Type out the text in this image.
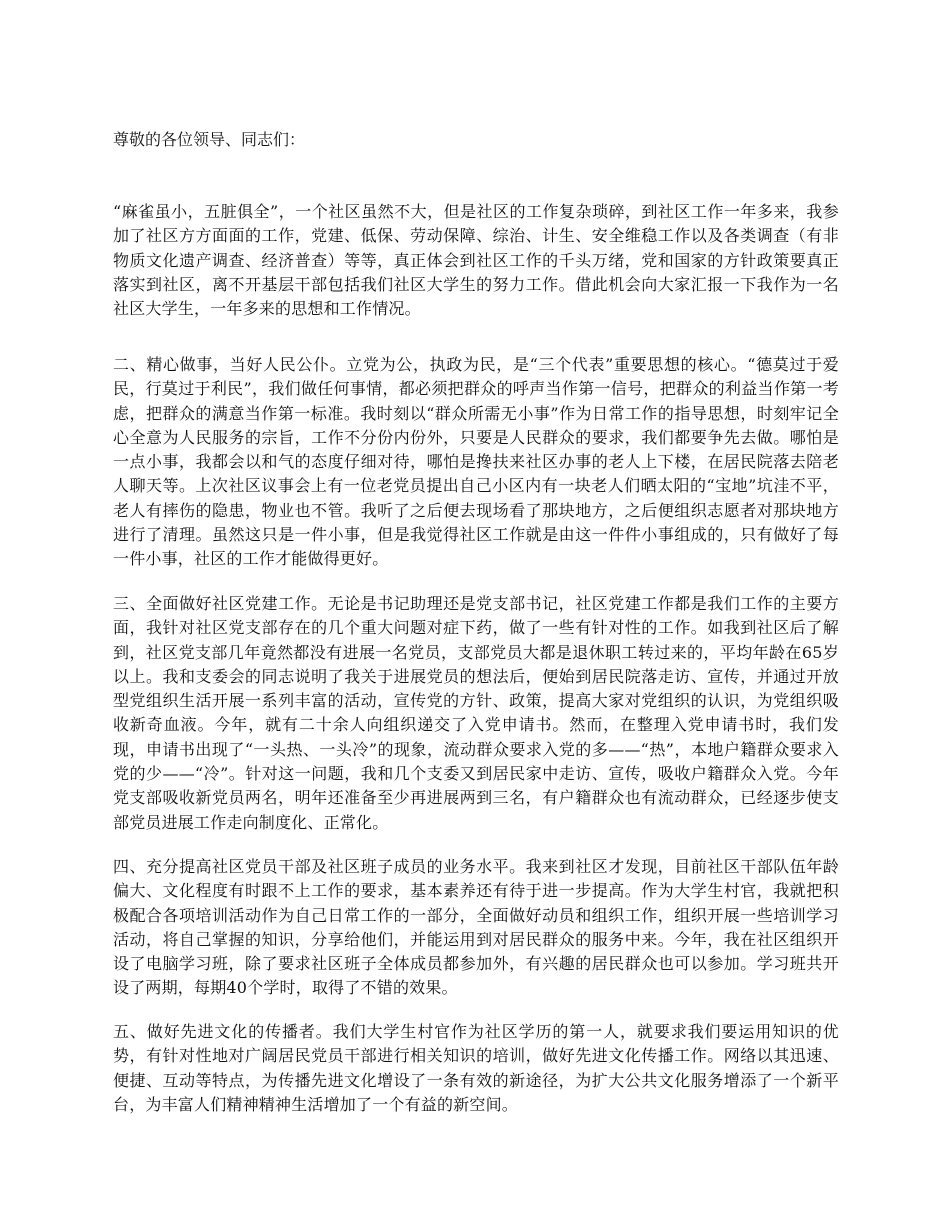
尊敬的各位领导、同志们：

“麻雀虽小，五脏俱全”，一个社区虽然不大，但是社区的工作复杂琐碎，到社区工作一年多来，我参加了社区方方面面的工作，党建、低保、劳动保障、综治、计生、安全维稳工作以及各类调查（有非物质文化遗产调查、经济普查）等等，真正体会到社区工作的千头万绪，党和国家的方针政策要真正落实到社区，离不开基层干部包括我们社区大学生的努力工作。借此机会向大家汇报一下我作为一名社区大学生，一年多来的思想和工作情况。

二、精心做事，当好人民公仆。立党为公，执政为民，是“三个代表”重要思想的核心。“德莫过于爱民，行莫过于利民”，我们做任何事情，都必须把群众的呼声当作第一信号，把群众的利益当作第一考虑，把群众的满意当作第一标准。我时刻以“群众所需无小事”作为日常工作的指导思想，时刻牢记全心全意为人民服务的宗旨，工作不分份内份外，只要是人民群众的要求，我们都要争先去做。哪怕是一点小事，我都会以和气的态度仔细对待，哪怕是搀扶来社区办事的老人上下楼，在居民院落去陪老人聊天等。上次社区议事会上有一位老党员提出自己小区内有一块老人们晒太阳的“宝地”坑洼不平，老人有摔伤的隐患，物业也不管。我听了之后便去现场看了那块地方，之后便组织志愿者对那块地方进行了清理。虽然这只是一件小事，但是我觉得社区工作就是由这一件件小事组成的，只有做好了每一件小事，社区的工作才能做得更好。

三、全面做好社区党建工作。无论是书记助理还是党支部书记，社区党建工作都是我们工作的主要方面，我针对社区党支部存在的几个重大问题对症下药，做了一些有针对性的工作。如我到社区后了解到，社区党支部几年竟然都没有进展一名党员，支部党员大都是退休职工转过来的，平均年龄在65岁以上。我和支委会的同志说明了我关于进展党员的想法后，便始到居民院落走访、宣传，并通过开放型党组织生活开展一系列丰富的活动，宣传党的方针、政策，提高大家对党组织的认识，为党组织吸收新奇血液。今年，就有二十余人向组织递交了入党申请书。然而，在整理入党申请书时，我们发现，申请书出现了“一头热、一头冷”的现象，流动群众要求入党的多——“热”，本地户籍群众要求入党的少——“冷”。针对这一问题，我和几个支委又到居民家中走访、宣传，吸收户籍群众入党。今年党支部吸收新党员两名，明年还准备至少再进展两到三名，有户籍群众也有流动群众，已经逐步使支部党员进展工作走向制度化、正常化。

四、充分提高社区党员干部及社区班子成员的业务水平。我来到社区才发现，目前社区干部队伍年龄偏大、文化程度有时跟不上工作的要求，基本素养还有待于进一步提高。作为大学生村官，我就把积极配合各项培训活动作为自己日常工作的一部分，全面做好动员和组织工作，组织开展一些培训学习活动，将自己掌握的知识，分享给他们，并能运用到对居民群众的服务中来。今年，我在社区组织开设了电脑学习班，除了要求社区班子全体成员都参加外，有兴趣的居民群众也可以参加。学习班共开设了两期，每期40个学时，取得了不错的效果。

五、做好先进文化的传播者。我们大学生村官作为社区学历的第一人，就要求我们要运用知识的优势，有针对性地对广阔居民党员干部进行相关知识的培训，做好先进文化传播工作。网络以其迅速、便捷、互动等特点，为传播先进文化增设了一条有效的新途径，为扩大公共文化服务增添了一个新平台，为丰富人们精神精神生活增加了一个有益的新空间。
